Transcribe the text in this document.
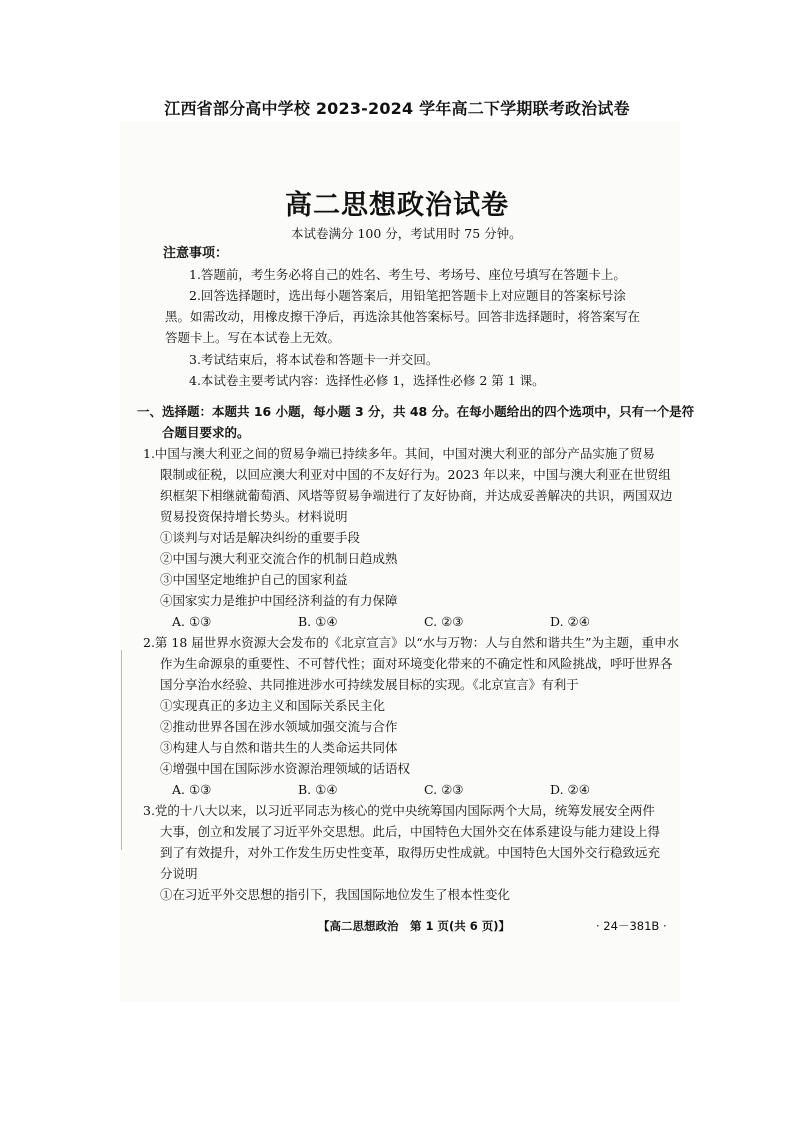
江西省部分高中学校 2023-2024 学年高二下学期联考政治试卷
高二思想政治试卷
本试卷满分 100 分，考试用时 75 分钟。
注意事项：
1.答题前，考生务必将自己的姓名、考生号、考场号、座位号填写在答题卡上。
2.回答选择题时，选出每小题答案后，用铅笔把答题卡上对应题目的答案标号涂
黑。如需改动，用橡皮擦干净后，再选涂其他答案标号。回答非选择题时，将答案写在
答题卡上。写在本试卷上无效。
3.考试结束后，将本试卷和答题卡一并交回。
4.本试卷主要考试内容：选择性必修 1，选择性必修 2 第 1 课。
一、选择题：本题共 16 小题，每小题 3 分，共 48 分。在每小题给出的四个选项中，只有一个是符
合题目要求的。
1.中国与澳大利亚之间的贸易争端已持续多年。其间，中国对澳大利亚的部分产品实施了贸易
限制或征税，以回应澳大利亚对中国的不友好行为。2023 年以来，中国与澳大利亚在世贸组
织框架下相继就葡萄酒、风塔等贸易争端进行了友好协商，并达成妥善解决的共识，两国双边
贸易投资保持增长势头。材料说明
①谈判与对话是解决纠纷的重要手段
②中国与澳大利亚交流合作的机制日趋成熟
③中国坚定地维护自己的国家利益
④国家实力是维护中国经济利益的有力保障
A. ①③	B. ①④	C. ②③	D. ②④
2.第 18 届世界水资源大会发布的《北京宣言》以“水与万物：人与自然和谐共生”为主题，重申水
作为生命源泉的重要性、不可替代性；面对环境变化带来的不确定性和风险挑战，呼吁世界各
国分享治水经验、共同推进涉水可持续发展目标的实现。《北京宣言》有利于
①实现真正的多边主义和国际关系民主化
②推动世界各国在涉水领域加强交流与合作
③构建人与自然和谐共生的人类命运共同体
④增强中国在国际涉水资源治理领域的话语权
A. ①③	B. ①④	C. ②③	D. ②④
3.党的十八大以来，以习近平同志为核心的党中央统筹国内国际两个大局，统筹发展安全两件
大事，创立和发展了习近平外交思想。此后，中国特色大国外交在体系建设与能力建设上得
到了有效提升，对外工作发生历史性变革，取得历史性成就。中国特色大国外交行稳致远充
分说明
①在习近平外交思想的指引下，我国国际地位发生了根本性变化
【高二思想政治　第 1 页(共 6 页)】	· 24－381B ·
